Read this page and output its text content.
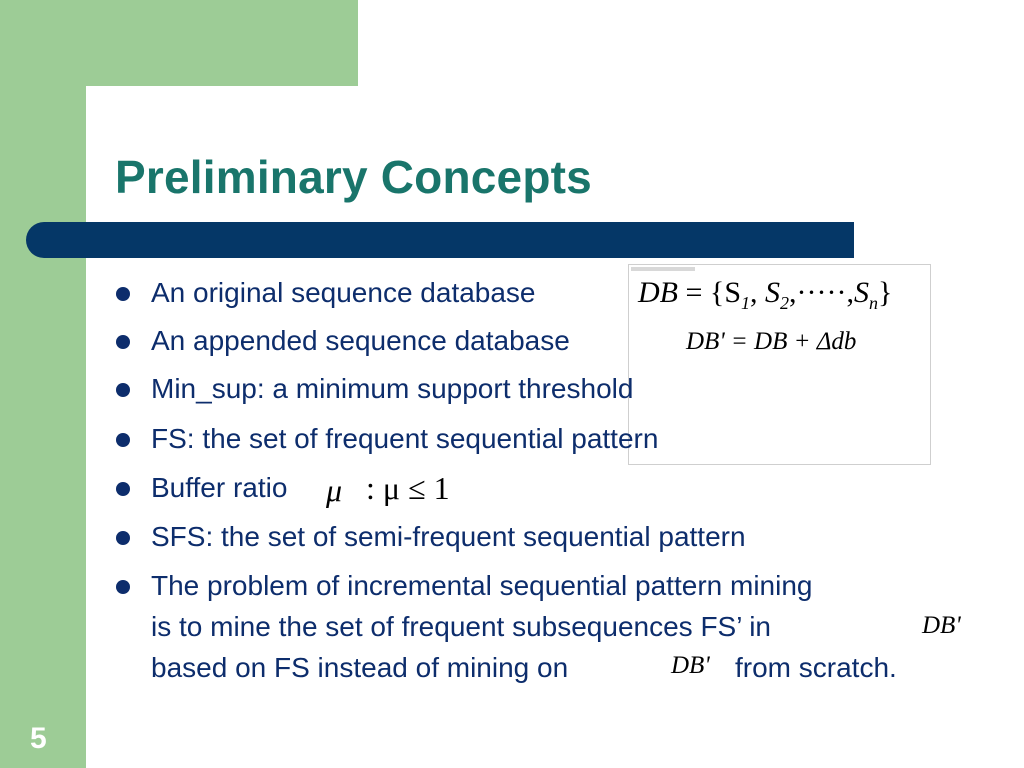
Preliminary Concepts
DB = {$S_1$, $S_2,\cdot\cdot\cdot\cdot\cdot,S_n$}
DB' = DB + Δdb
An original sequence database
An appended sequence database
Min_sup: a minimum support threshold
FS: the set of frequent sequential pattern
Buffer ratio μ : μ ≤ 1
SFS: the set of semi-frequent sequential pattern
The problem of incremental sequential pattern mining
is to mine the set of frequent subsequences FS’ in	DB'
based on FS instead of mining on	DB' from scratch.
5
